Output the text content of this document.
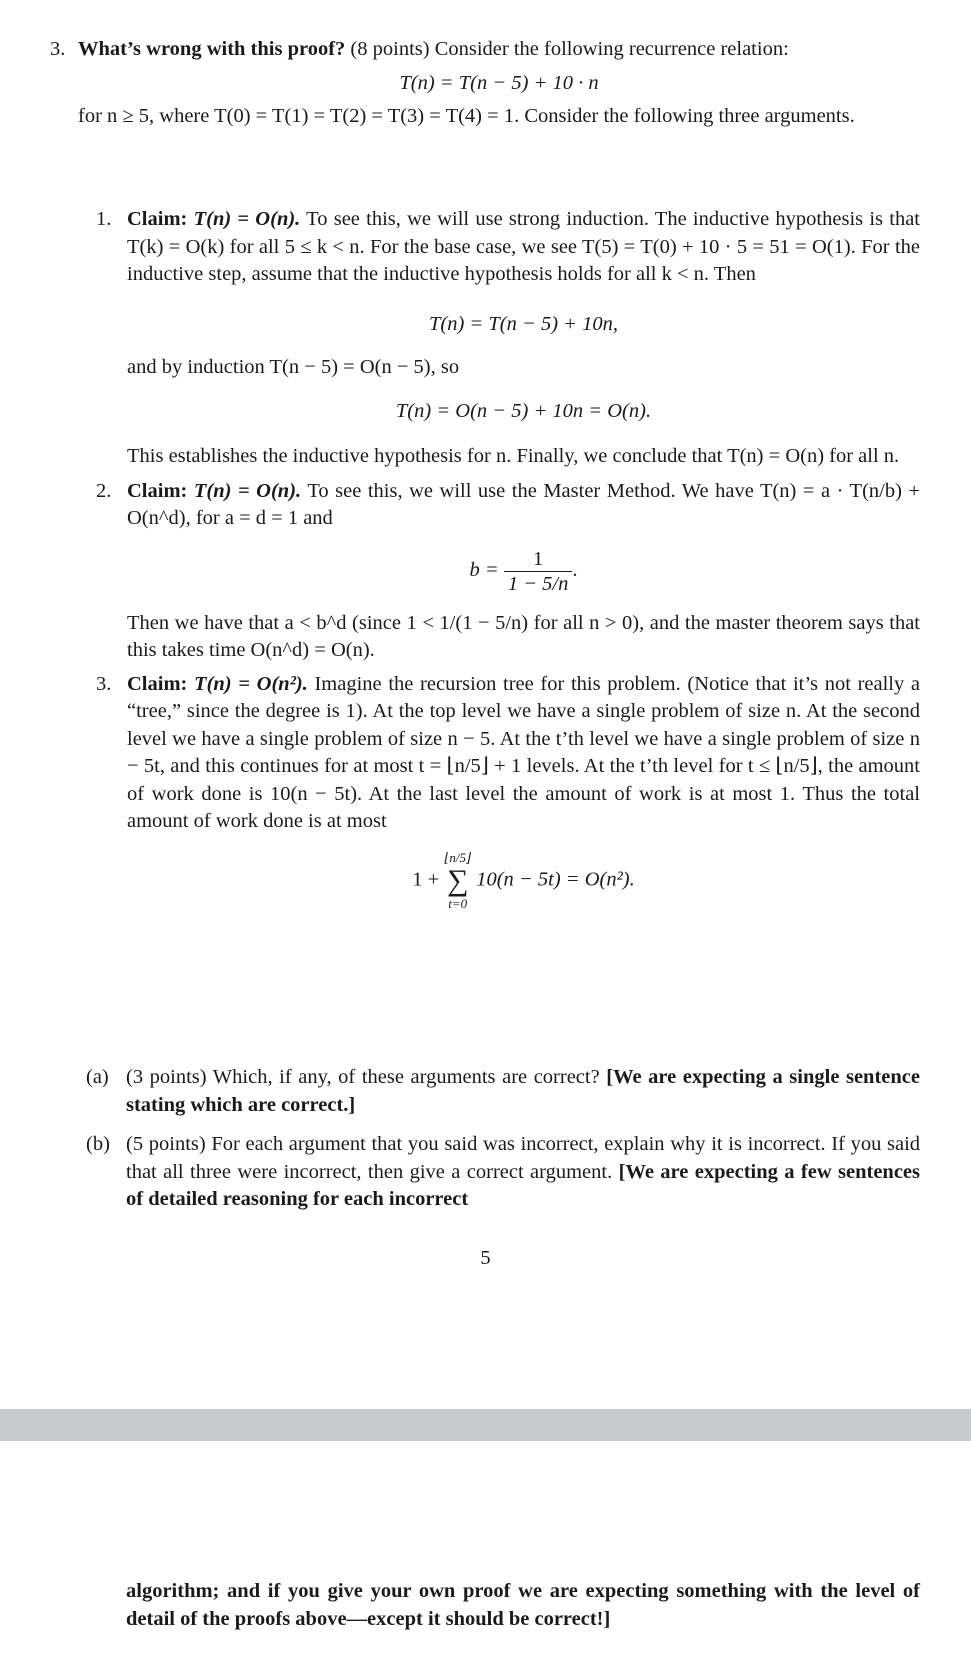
3. What’s wrong with this proof? (8 points) Consider the following recurrence relation:

T(n) = T(n − 5) + 10 · n

for n ≥ 5, where T(0) = T(1) = T(2) = T(3) = T(4) = 1. Consider the following three arguments.
1. Claim: T(n) = O(n). To see this, we will use strong induction. The inductive hypothesis is that T(k) = O(k) for all 5 ≤ k < n. For the base case, we see T(5) = T(0) + 10 · 5 = 51 = O(1). For the inductive step, assume that the inductive hypothesis holds for all k < n. Then

T(n) = T(n − 5) + 10n,

and by induction T(n − 5) = O(n − 5), so

T(n) = O(n − 5) + 10n = O(n).

This establishes the inductive hypothesis for n. Finally, we conclude that T(n) = O(n) for all n.
2. Claim: T(n) = O(n). To see this, we will use the Master Method. We have T(n) = a · T(n/b) + O(n^d), for a = d = 1 and

$b = \frac{1}{1 - 5/n}$ .

Then we have that a < b^d (since 1 < 1/(1 − 5/n) for all n > 0), and the master theorem says that this takes time O(n^d) = O(n).
3. Claim: T(n) = O(n²). Imagine the recursion tree for this problem. (Notice that it’s not really a “tree,” since the degree is 1). At the top level we have a single problem of size n. At the second level we have a single problem of size n − 5. At the t’th level we have a single problem of size n − 5t, and this continues for at most t = ⌊n/5⌋ + 1 levels. At the t’th level for t ≤ ⌊n/5⌋, the amount of work done is 10(n − 5t). At the last level the amount of work is at most 1. Thus the total amount of work done is at most

1 +
⌊n/5⌋
∑
t=0
10(n − 5t) = O(n²).

(a) (3 points) Which, if any, of these arguments are correct? [We are expecting a single sentence stating which are correct.]
(b) (5 points) For each argument that you said was incorrect, explain why it is incorrect. If you said that all three were incorrect, then give a correct argument. [We are expecting a few sentences of detailed reasoning for each incorrect
5
algorithm; and if you give your own proof we are expecting something with the level of detail of the proofs above—except it should be correct!]
